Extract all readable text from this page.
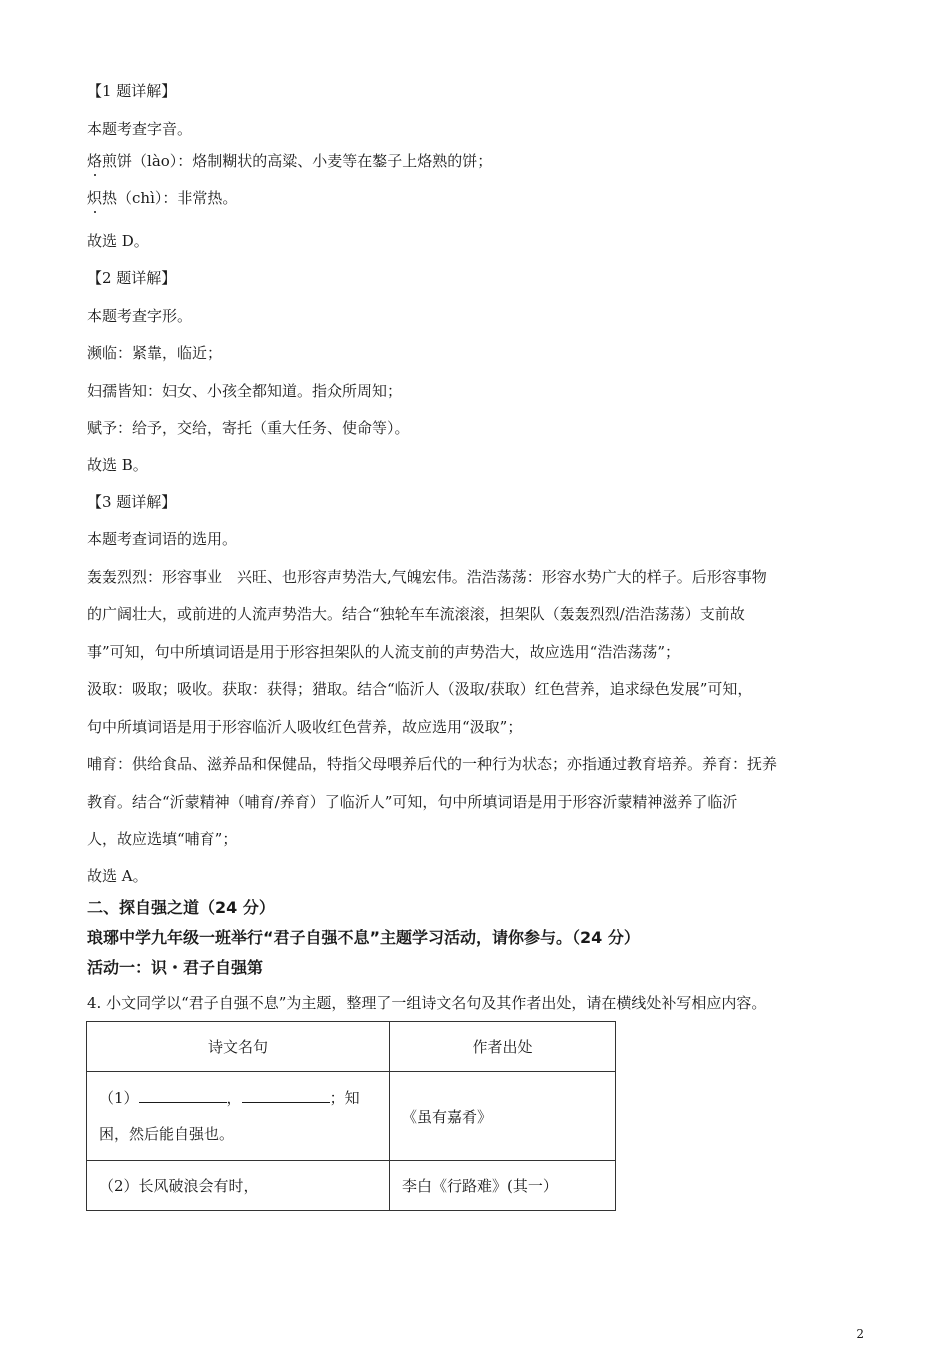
【1 题详解】
本题考查字音。
烙煎饼（lào）：烙制糊状的高粱、小麦等在鏊子上烙熟的饼；
炽热（chì）：非常热。
故选 D。
【2 题详解】
本题考查字形。
濒临：紧靠，临近；
妇孺皆知：妇女、小孩全都知道。指众所周知；
赋予：给予，交给，寄托（重大任务、使命等）。
故选 B。
【3 题详解】
本题考查词语的选用。
轰轰烈烈：形容事业　兴旺、也形容声势浩大,气魄宏伟。浩浩荡荡：形容水势广大的样子。后形容事物
的广阔壮大，或前进的人流声势浩大。结合“独轮车车流滚滚，担架队（轰轰烈烈/浩浩荡荡）支前故
事”可知，句中所填词语是用于形容担架队的人流支前的声势浩大，故应选用“浩浩荡荡”；
汲取：吸取；吸收。获取：获得；猎取。结合“临沂人（汲取/获取）红色营养，追求绿色发展”可知，
句中所填词语是用于形容临沂人吸收红色营养，故应选用“汲取”；
哺育：供给食品、滋养品和保健品，特指父母喂养后代的一种行为状态；亦指通过教育培养。养育：抚养
教育。结合“沂蒙精神（哺育/养育）了临沂人”可知，句中所填词语是用于形容沂蒙精神滋养了临沂
人，故应选填“哺育”；
故选 A。
二、探自强之道（24 分）
琅琊中学九年级一班举行“君子自强不息”主题学习活动，请你参与。（24 分）
活动一：识・君子自强第
4. 小文同学以“君子自强不息”为主题，整理了一组诗文名句及其作者出处，请在横线处补写相应内容。
诗文名句	作者出处

（1） ， ；知
困，然后能自强也。	《虽有嘉肴》
（2）长风破浪会有时，	李白《行路难》(其一）
2
